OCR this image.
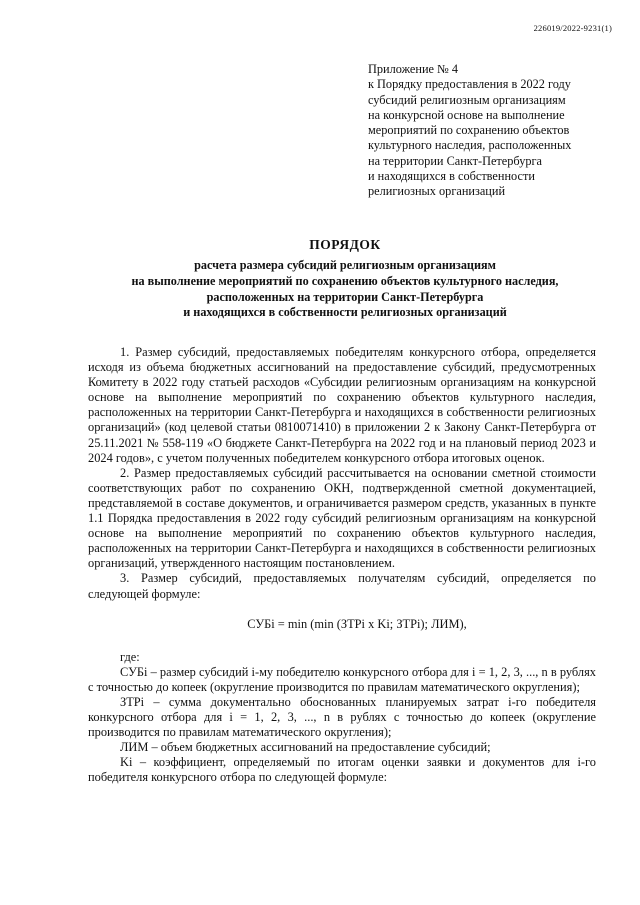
226019/2022-9231(1)
Приложение № 4
к Порядку предоставления в 2022 году
субсидий религиозным организациям
на конкурсной основе на выполнение
мероприятий по сохранению объектов
культурного наследия, расположенных
на территории Санкт-Петербурга
и находящихся в собственности
религиозных организаций
ПОРЯДОК
расчета размера субсидий религиозным организациям
на выполнение мероприятий по сохранению объектов культурного наследия,
расположенных на территории Санкт-Петербурга
и находящихся в собственности религиозных организаций

1. Размер субсидий, предоставляемых победителям конкурсного отбора, определяется исходя из объема бюджетных ассигнований на предоставление субсидий, предусмотренных Комитету в 2022 году статьей расходов «Субсидии религиозным организациям на конкурсной основе на выполнение мероприятий по сохранению объектов культурного наследия, расположенных на территории Санкт-Петербурга и находящихся в собственности религиозных организаций» (код целевой статьи 0810071410) в приложении 2 к Закону Санкт-Петербурга от 25.11.2021 № 558-119 «О бюджете Санкт-Петербурга на 2022 год и на плановый период 2023 и 2024 годов», с учетом полученных победителем конкурсного отбора итоговых оценок.

2. Размер предоставляемых субсидий рассчитывается на основании сметной стоимости соответствующих работ по сохранению ОКН, подтвержденной сметной документацией, представляемой в составе документов, и ограничивается размером средств, указанных в пункте 1.1 Порядка предоставления в 2022 году субсидий религиозным организациям на конкурсной основе на выполнение мероприятий по сохранению объектов культурного наследия, расположенных на территории Санкт-Петербурга и находящихся в собственности религиозных организаций, утвержденного настоящим постановлением.

3. Размер субсидий, предоставляемых получателям субсидий, определяется по следующей формуле:

СУБi = min (min (ЗТРi x Ki; ЗТРi); ЛИМ),

где:

СУБi – размер субсидий i-му победителю конкурсного отбора для i = 1, 2, 3, ..., n в рублях с точностью до копеек (округление производится по правилам математического округления);

ЗТРi – сумма документально обоснованных планируемых затрат i-го победителя конкурсного отбора для i = 1, 2, 3, ..., n в рублях с точностью до копеек (округление производится по правилам математического округления);

ЛИМ – объем бюджетных ассигнований на предоставление субсидий;

Ki – коэффициент, определяемый по итогам оценки заявки и документов для i-го победителя конкурсного отбора по следующей формуле:
